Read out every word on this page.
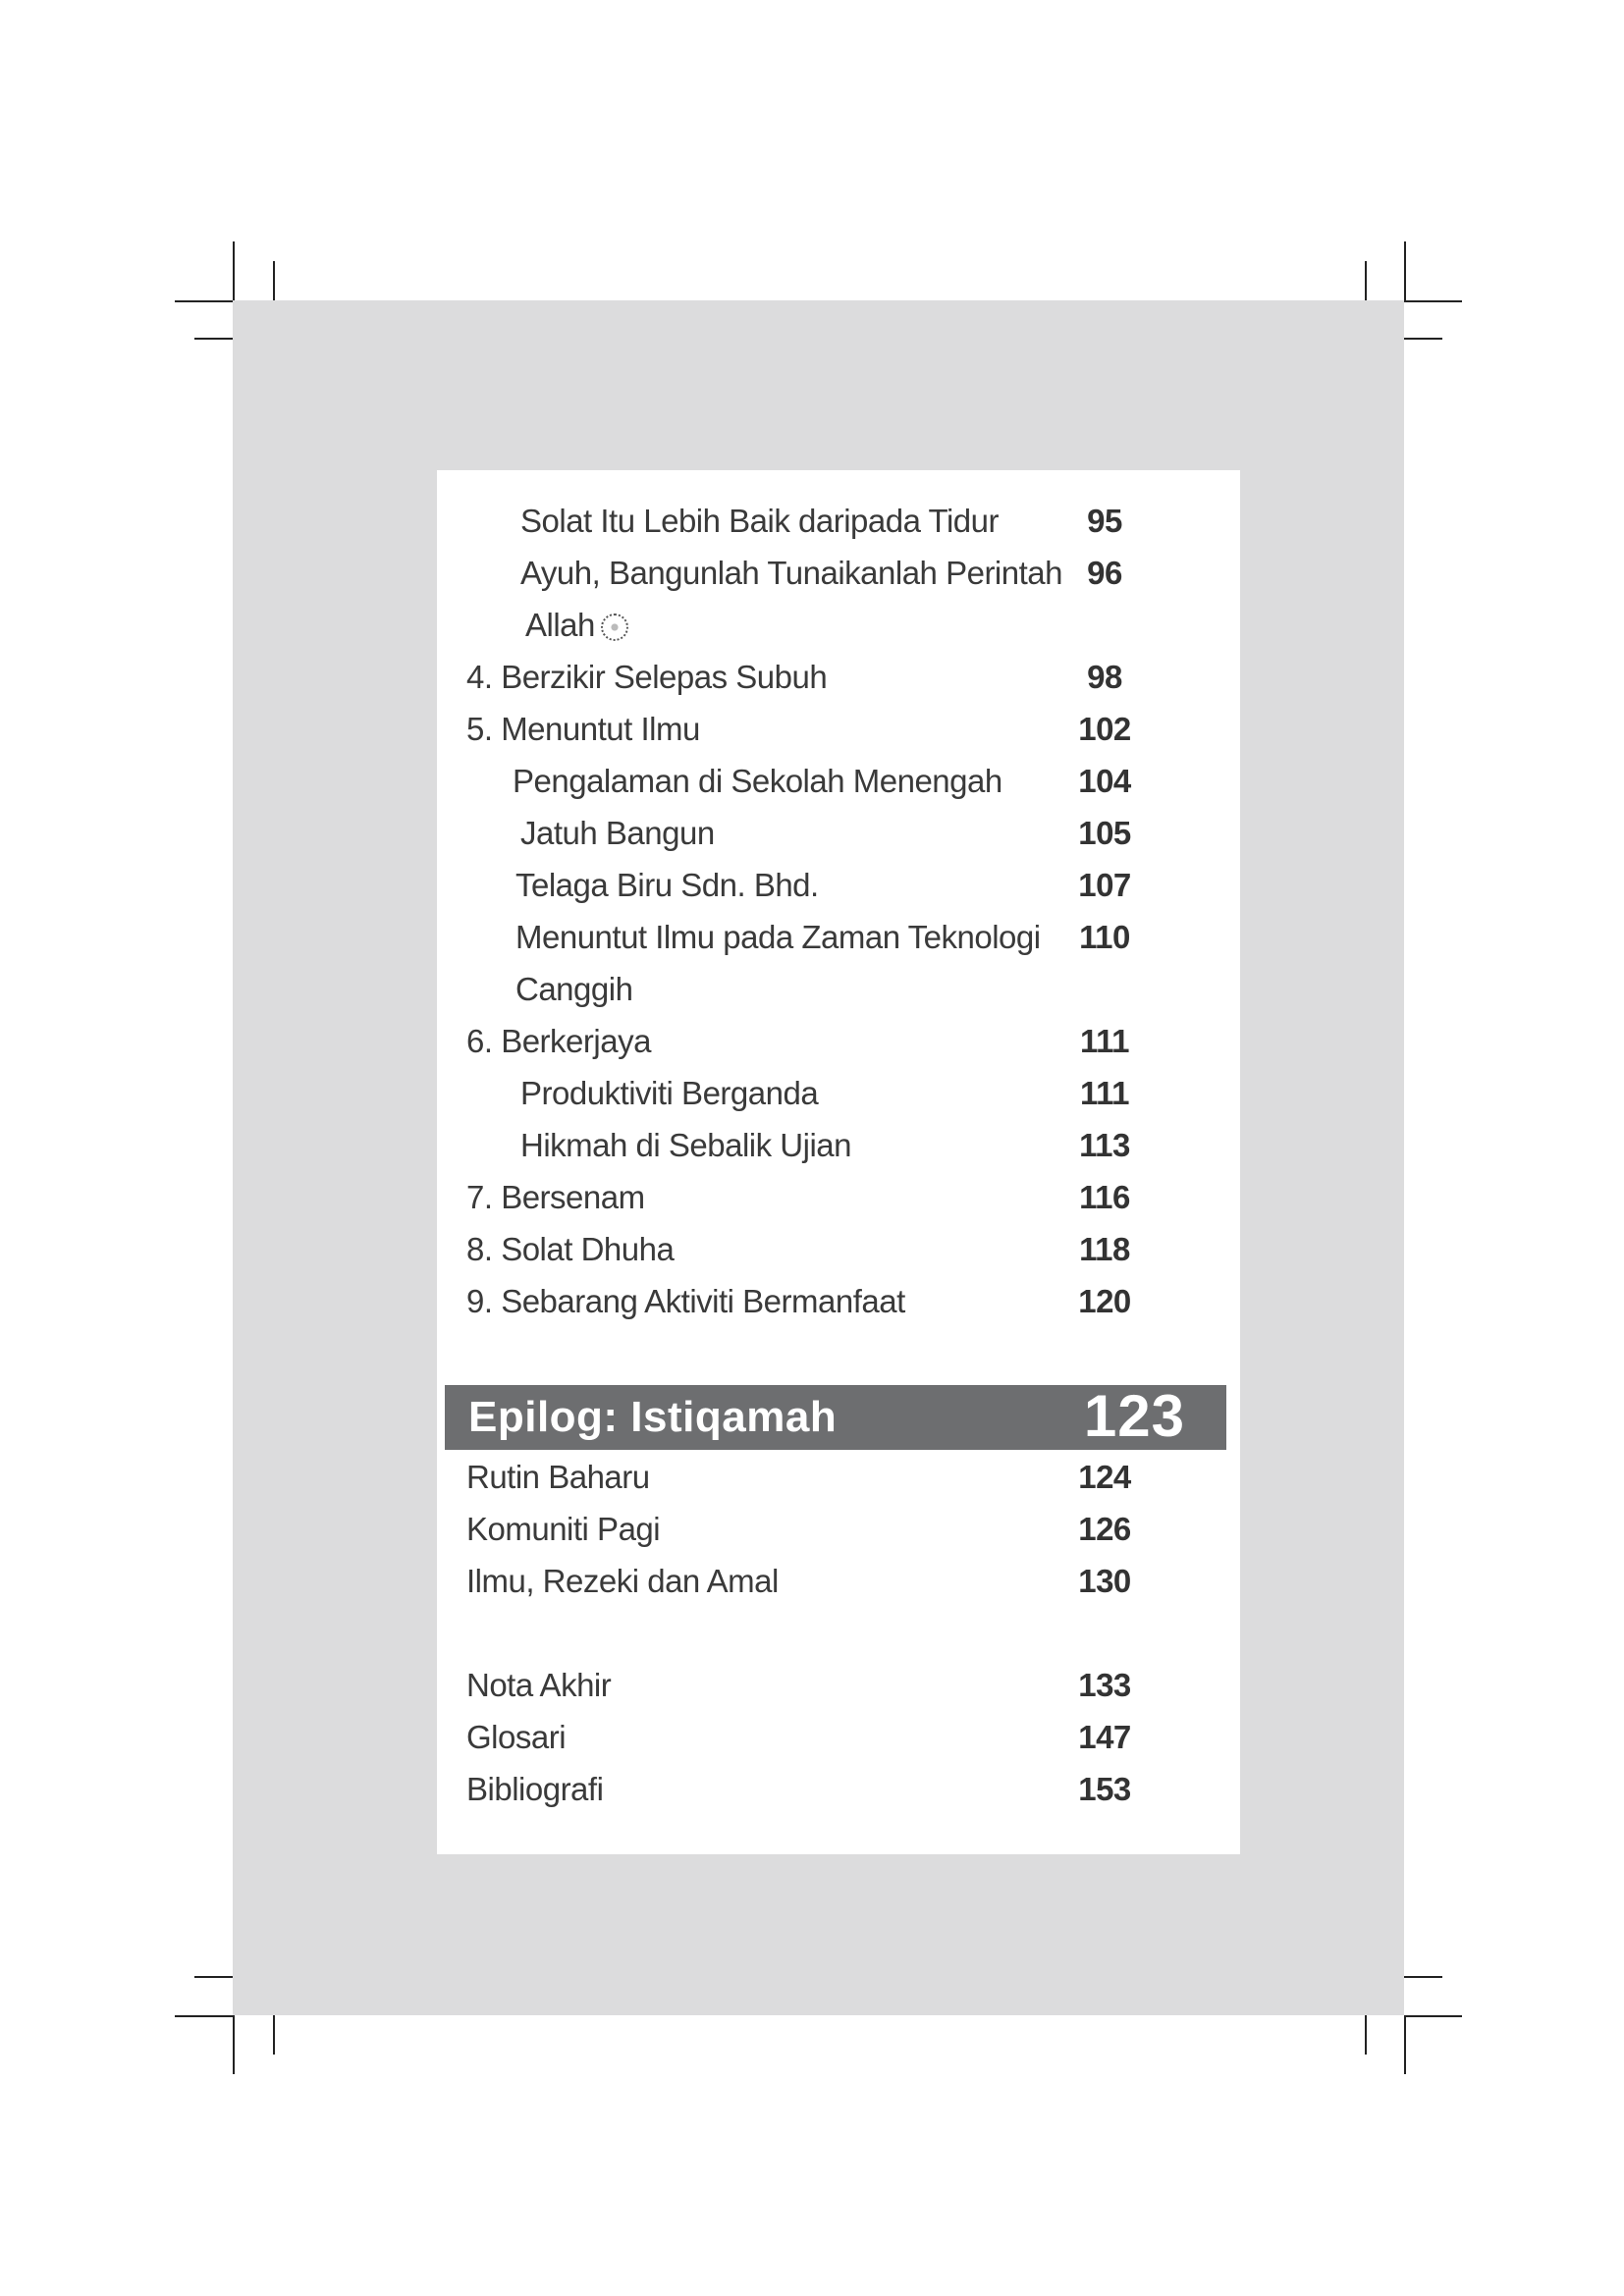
Solat Itu Lebih Baik daripada Tidur	95
Ayuh, Bangunlah Tunaikanlah Perintah 96
Allah
4. Berzikir Selepas Subuh	98
5. Menuntut Ilmu	102
Pengalaman di Sekolah Menengah	104
Jatuh Bangun	105
Telaga Biru Sdn. Bhd.	107
Menuntut Ilmu pada Zaman Teknologi	110
Canggih
6. Berkerjaya	111
Produktiviti Berganda	111
Hikmah di Sebalik Ujian	113
7. Bersenam	116
8. Solat Dhuha	118
9. Sebarang Aktiviti Bermanfaat	120
Epilog: Istiqamah	123
Rutin Baharu	124
Komuniti Pagi	126
Ilmu, Rezeki dan Amal	130
Nota Akhir	133
Glosari	147
Bibliografi	153
